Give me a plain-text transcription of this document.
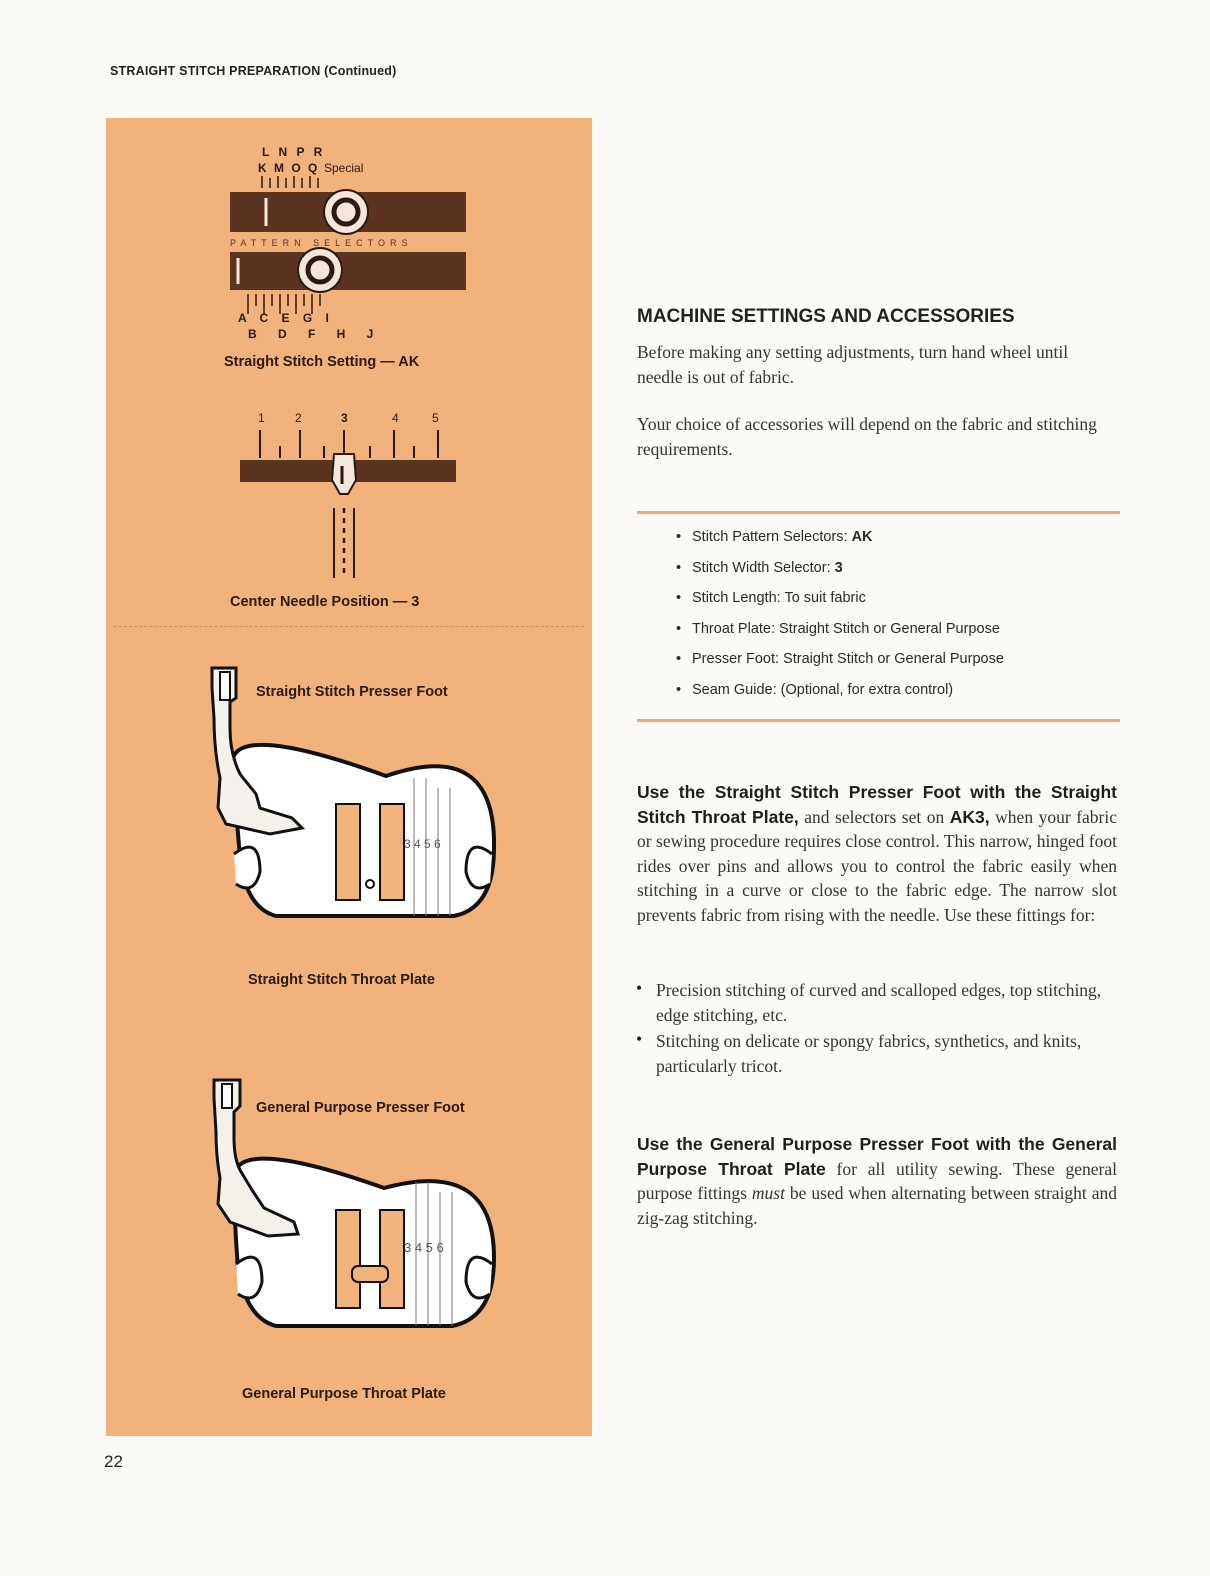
STRAIGHT STITCH PREPARATION (Continued)
L N P R
K M O Q Special
PATTERN SELECTORS
A C E G I
B D F H J
Straight Stitch Setting — AK
1	2	3	4	5
Center Needle Position — 3
3 4 5 6
Straight Stitch Presser Foot
Straight Stitch Throat Plate
3 4 5 6
General Purpose Presser Foot
General Purpose Throat Plate
MACHINE SETTINGS AND ACCESSORIES

Before making any setting adjustments, turn hand wheel until needle is out of fabric.

Your choice of accessories will depend on the fabric and stitching requirements.

• Stitch Pattern Selectors: AK
• Stitch Width Selector: 3
• Stitch Length: To suit fabric
• Throat Plate: Straight Stitch or General Purpose
• Presser Foot: Straight Stitch or General Purpose
• Seam Guide: (Optional, for extra control)

Use the Straight Stitch Presser Foot with the Straight Stitch Throat Plate, and selectors set on AK3, when your fabric or sewing procedure requires close control. This narrow, hinged foot rides over pins and allows you to control the fabric easily when stitching in a curve or close to the fabric edge. The narrow slot prevents fabric from rising with the needle. Use these fittings for:

• Precision stitching of curved and scalloped edges, top stitching, edge stitching, etc.

• Stitching on delicate or spongy fabrics, synthetics, and knits, particularly tricot.

Use the General Purpose Presser Foot with the General Purpose Throat Plate for all utility sewing. These general purpose fittings must be used when alternating between straight and zig-zag stitching.

22
